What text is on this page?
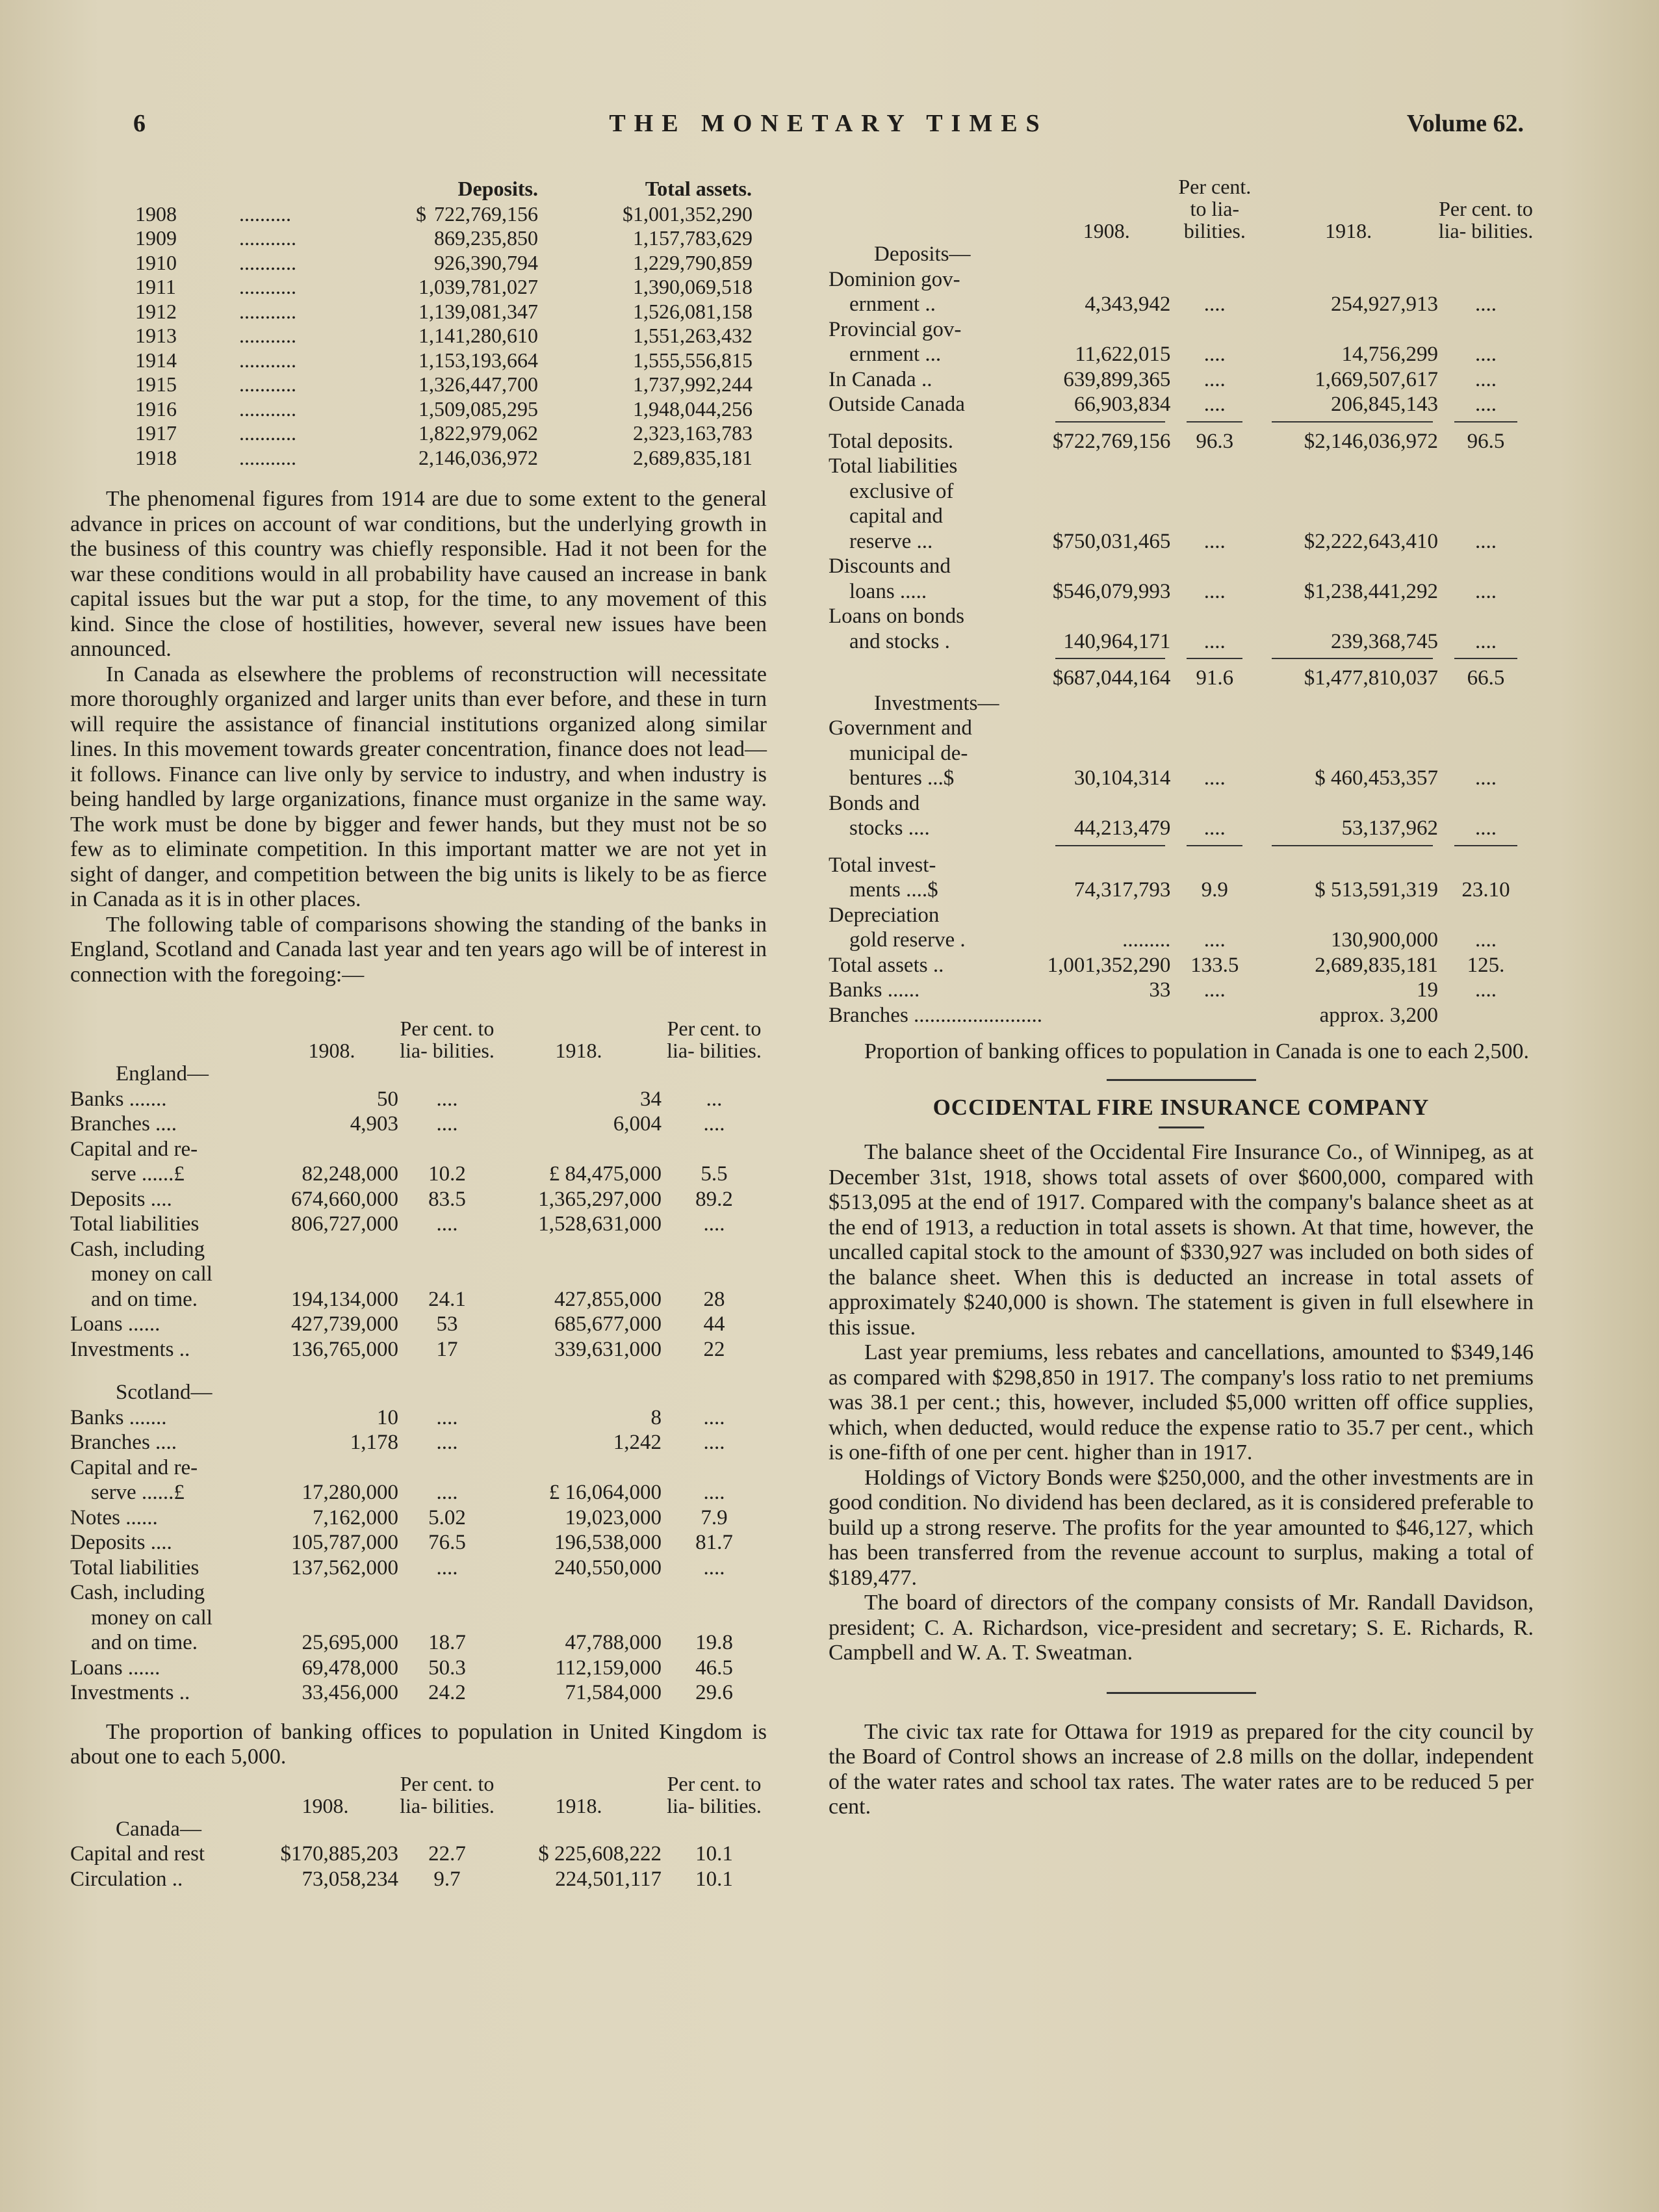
6	THE MONETARY TIMES	Volume 62.
		Deposits.	Total assets.
1908	..........	$ 722,769,156	$1,001,352,290
1909	...........	869,235,850	1,157,783,629
1910	...........	926,390,794	1,229,790,859
1911	...........	1,039,781,027	1,390,069,518
1912	...........	1,139,081,347	1,526,081,158
1913	...........	1,141,280,610	1,551,263,432
1914	...........	1,153,193,664	1,555,556,815
1915	...........	1,326,447,700	1,737,992,244
1916	...........	1,509,085,295	1,948,044,256
1917	...........	1,822,979,062	2,323,163,783
1918	...........	2,146,036,972	2,689,835,181

The phenomenal figures from 1914 are due to some extent to the general advance in prices on account of war conditions, but the underlying growth in the business of this country was chiefly responsible. Had it not been for the war these conditions would in all probability have caused an increase in bank capital issues but the war put a stop, for the time, to any movement of this kind. Since the close of hostilities, however, several new issues have been announced.

In Canada as elsewhere the problems of reconstruction will necessitate more thoroughly organized and larger units than ever before, and these in turn will require the assistance of financial institutions organized along similar lines. In this movement towards greater concentration, finance does not lead—it follows. Finance can live only by service to industry, and when industry is being handled by large organizations, finance must organize in the same way. The work must be done by bigger and fewer hands, but they must not be so few as to eliminate competition. In this important matter we are not yet in sight of danger, and competition between the big units is likely to be as fierce in Canada as it is in other places.

The following table of comparisons showing the standing of the banks in England, Scotland and Canada last year and ten years ago will be of interest in connection with the foregoing:—

	1908.	Per cent. to lia- bilities.	1918.	Per cent. to lia- bilities.
England—				
Banks .......	50	....	34	...
Branches ....	4,903	....	6,004	....
Capital and re-				
serve ......£	82,248,000	10.2	£ 84,475,000	5.5
Deposits ....	674,660,000	83.5	1,365,297,000	89.2
Total liabilities	806,727,000	....	1,528,631,000	....
Cash, including				
money on call				
and on time.	194,134,000	24.1	427,855,000	28
Loans ......	427,739,000	53	685,677,000	44
Investments ..	136,765,000	17	339,631,000	22

Scotland—				
Banks .......	10	....	8	....
Branches ....	1,178	....	1,242	....
Capital and re-				
serve ......£	17,280,000	....	£ 16,064,000	....
Notes ......	7,162,000	5.02	19,023,000	7.9
Deposits ....	105,787,000	76.5	196,538,000	81.7
Total liabilities	137,562,000	....	240,550,000	....
Cash, including				
money on call				
and on time.	25,695,000	18.7	47,788,000	19.8
Loans ......	69,478,000	50.3	112,159,000	46.5
Investments ..	33,456,000	24.2	71,584,000	29.6

The proportion of banking offices to population in United Kingdom is about one to each 5,000.

	1908.	Per cent. to lia- bilities.	1918.	Per cent. to lia- bilities.
Canada—				
Capital and rest	$170,885,203	22.7	$ 225,608,222	10.1
Circulation ..	73,058,234	9.7	224,501,117	10.1
	1908.	Per cent. to lia- bilities.	1918.	Per cent. to lia- bilities.
Deposits—				
Dominion gov-				
ernment ..	4,343,942	....	254,927,913	....
Provincial gov-				
ernment ...	11,622,015	....	14,756,299	....
In Canada ..	639,899,365	....	1,669,507,617	....
Outside Canada	66,903,834	....	206,845,143	....

Total deposits.	$722,769,156	96.3	$2,146,036,972	96.5
Total liabilities				
exclusive of				
capital and				
reserve ...	$750,031,465	....	$2,222,643,410	....
Discounts and				
loans .....	$546,079,993	....	$1,238,441,292	....
Loans on bonds				
and stocks .	140,964,171	....	239,368,745	....

	$687,044,164	91.6	$1,477,810,037	66.5
Investments—				
Government and				
municipal de-				
bentures ...$	30,104,314	....	$ 460,453,357	....
Bonds and				
stocks ....	44,213,479	....	53,137,962	....

Total invest-				
ments ....$	74,317,793	9.9	$ 513,591,319	23.10
Depreciation				
gold reserve .	.........	....	130,900,000	....
Total assets ..	1,001,352,290	133.5	2,689,835,181	125.
Banks ......	33	....	19	....
Branches ........................			approx. 3,200	

Proportion of banking offices to population in Canada is one to each 2,500.

OCCIDENTAL FIRE INSURANCE COMPANY

The balance sheet of the Occidental Fire Insurance Co., of Winnipeg, as at December 31st, 1918, shows total assets of over $600,000, compared with $513,095 at the end of 1917. Compared with the company's balance sheet as at the end of 1913, a reduction in total assets is shown. At that time, however, the uncalled capital stock to the amount of $330,927 was included on both sides of the balance sheet. When this is deducted an increase in total assets of approximately $240,000 is shown. The statement is given in full elsewhere in this issue.

Last year premiums, less rebates and cancellations, amounted to $349,146 as compared with $298,850 in 1917. The company's loss ratio to net premiums was 38.1 per cent.; this, however, included $5,000 written off office supplies, which, when deducted, would reduce the expense ratio to 35.7 per cent., which is one-fifth of one per cent. higher than in 1917.

Holdings of Victory Bonds were $250,000, and the other investments are in good condition. No dividend has been declared, as it is considered preferable to build up a strong reserve. The profits for the year amounted to $46,127, which has been transferred from the revenue account to surplus, making a total of $189,477.

The board of directors of the company consists of Mr. Randall Davidson, president; C. A. Richardson, vice-president and secretary; S. E. Richards, R. Campbell and W. A. T. Sweatman.

The civic tax rate for Ottawa for 1919 as prepared for the city council by the Board of Control shows an increase of 2.8 mills on the dollar, independent of the water rates and school tax rates. The water rates are to be reduced 5 per cent.
